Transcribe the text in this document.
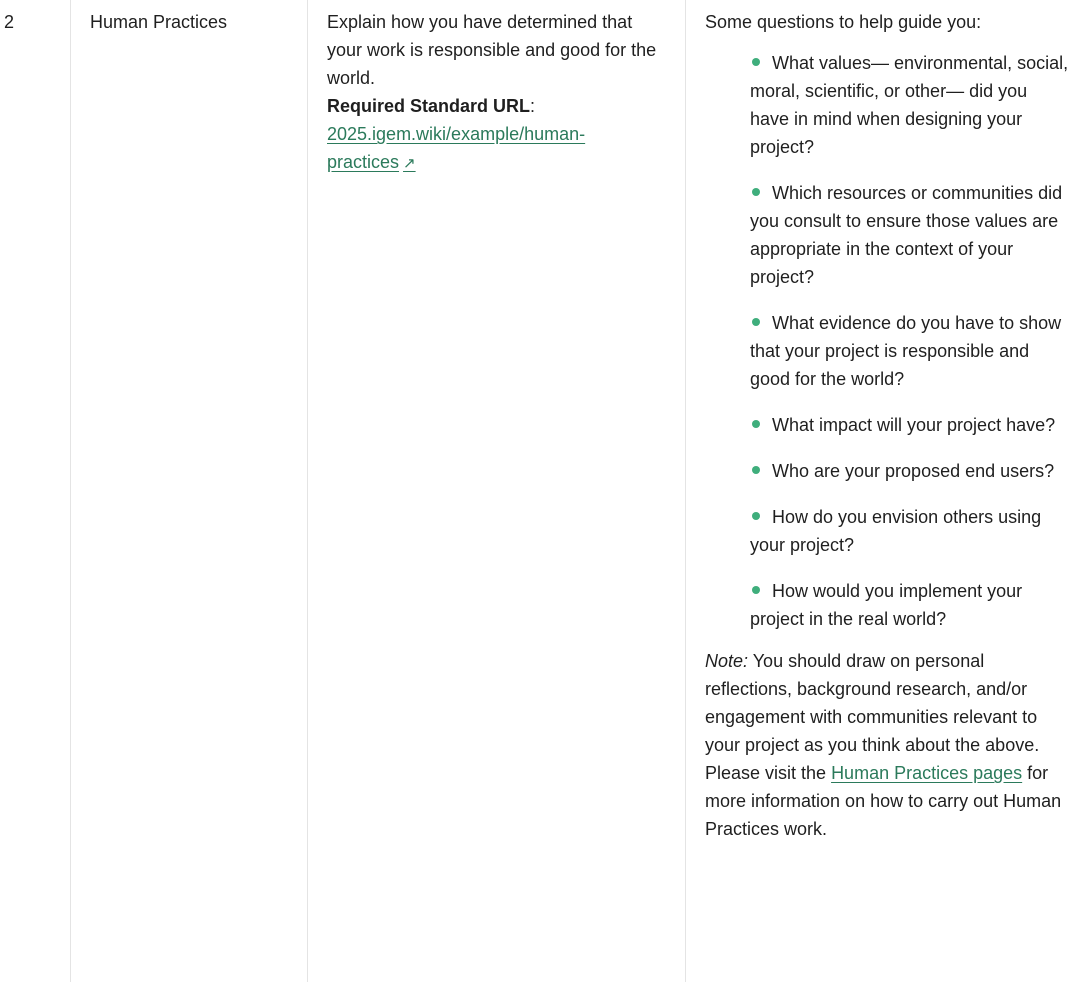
2	Human Practices	Explain how you have determined that your work is responsible and good for the world.
Required Standard URL:
2025.igem.wiki/example/human-practices ↗
Some questions to help guide you:
What values— environmental, social, moral, scientific, or other— did you have in mind when designing your project?
Which resources or communities did you consult to ensure those values are appropriate in the context of your project?
What evidence do you have to show that your project is responsible and good for the world?
What impact will your project have?
Who are your proposed end users?
How do you envision others using your project?
How would you implement your project in the real world?
Note: You should draw on personal reflections, background research, and/or engagement with communities relevant to your project as you think about the above. Please visit the Human Practices pages for more information on how to carry out Human Practices work.
